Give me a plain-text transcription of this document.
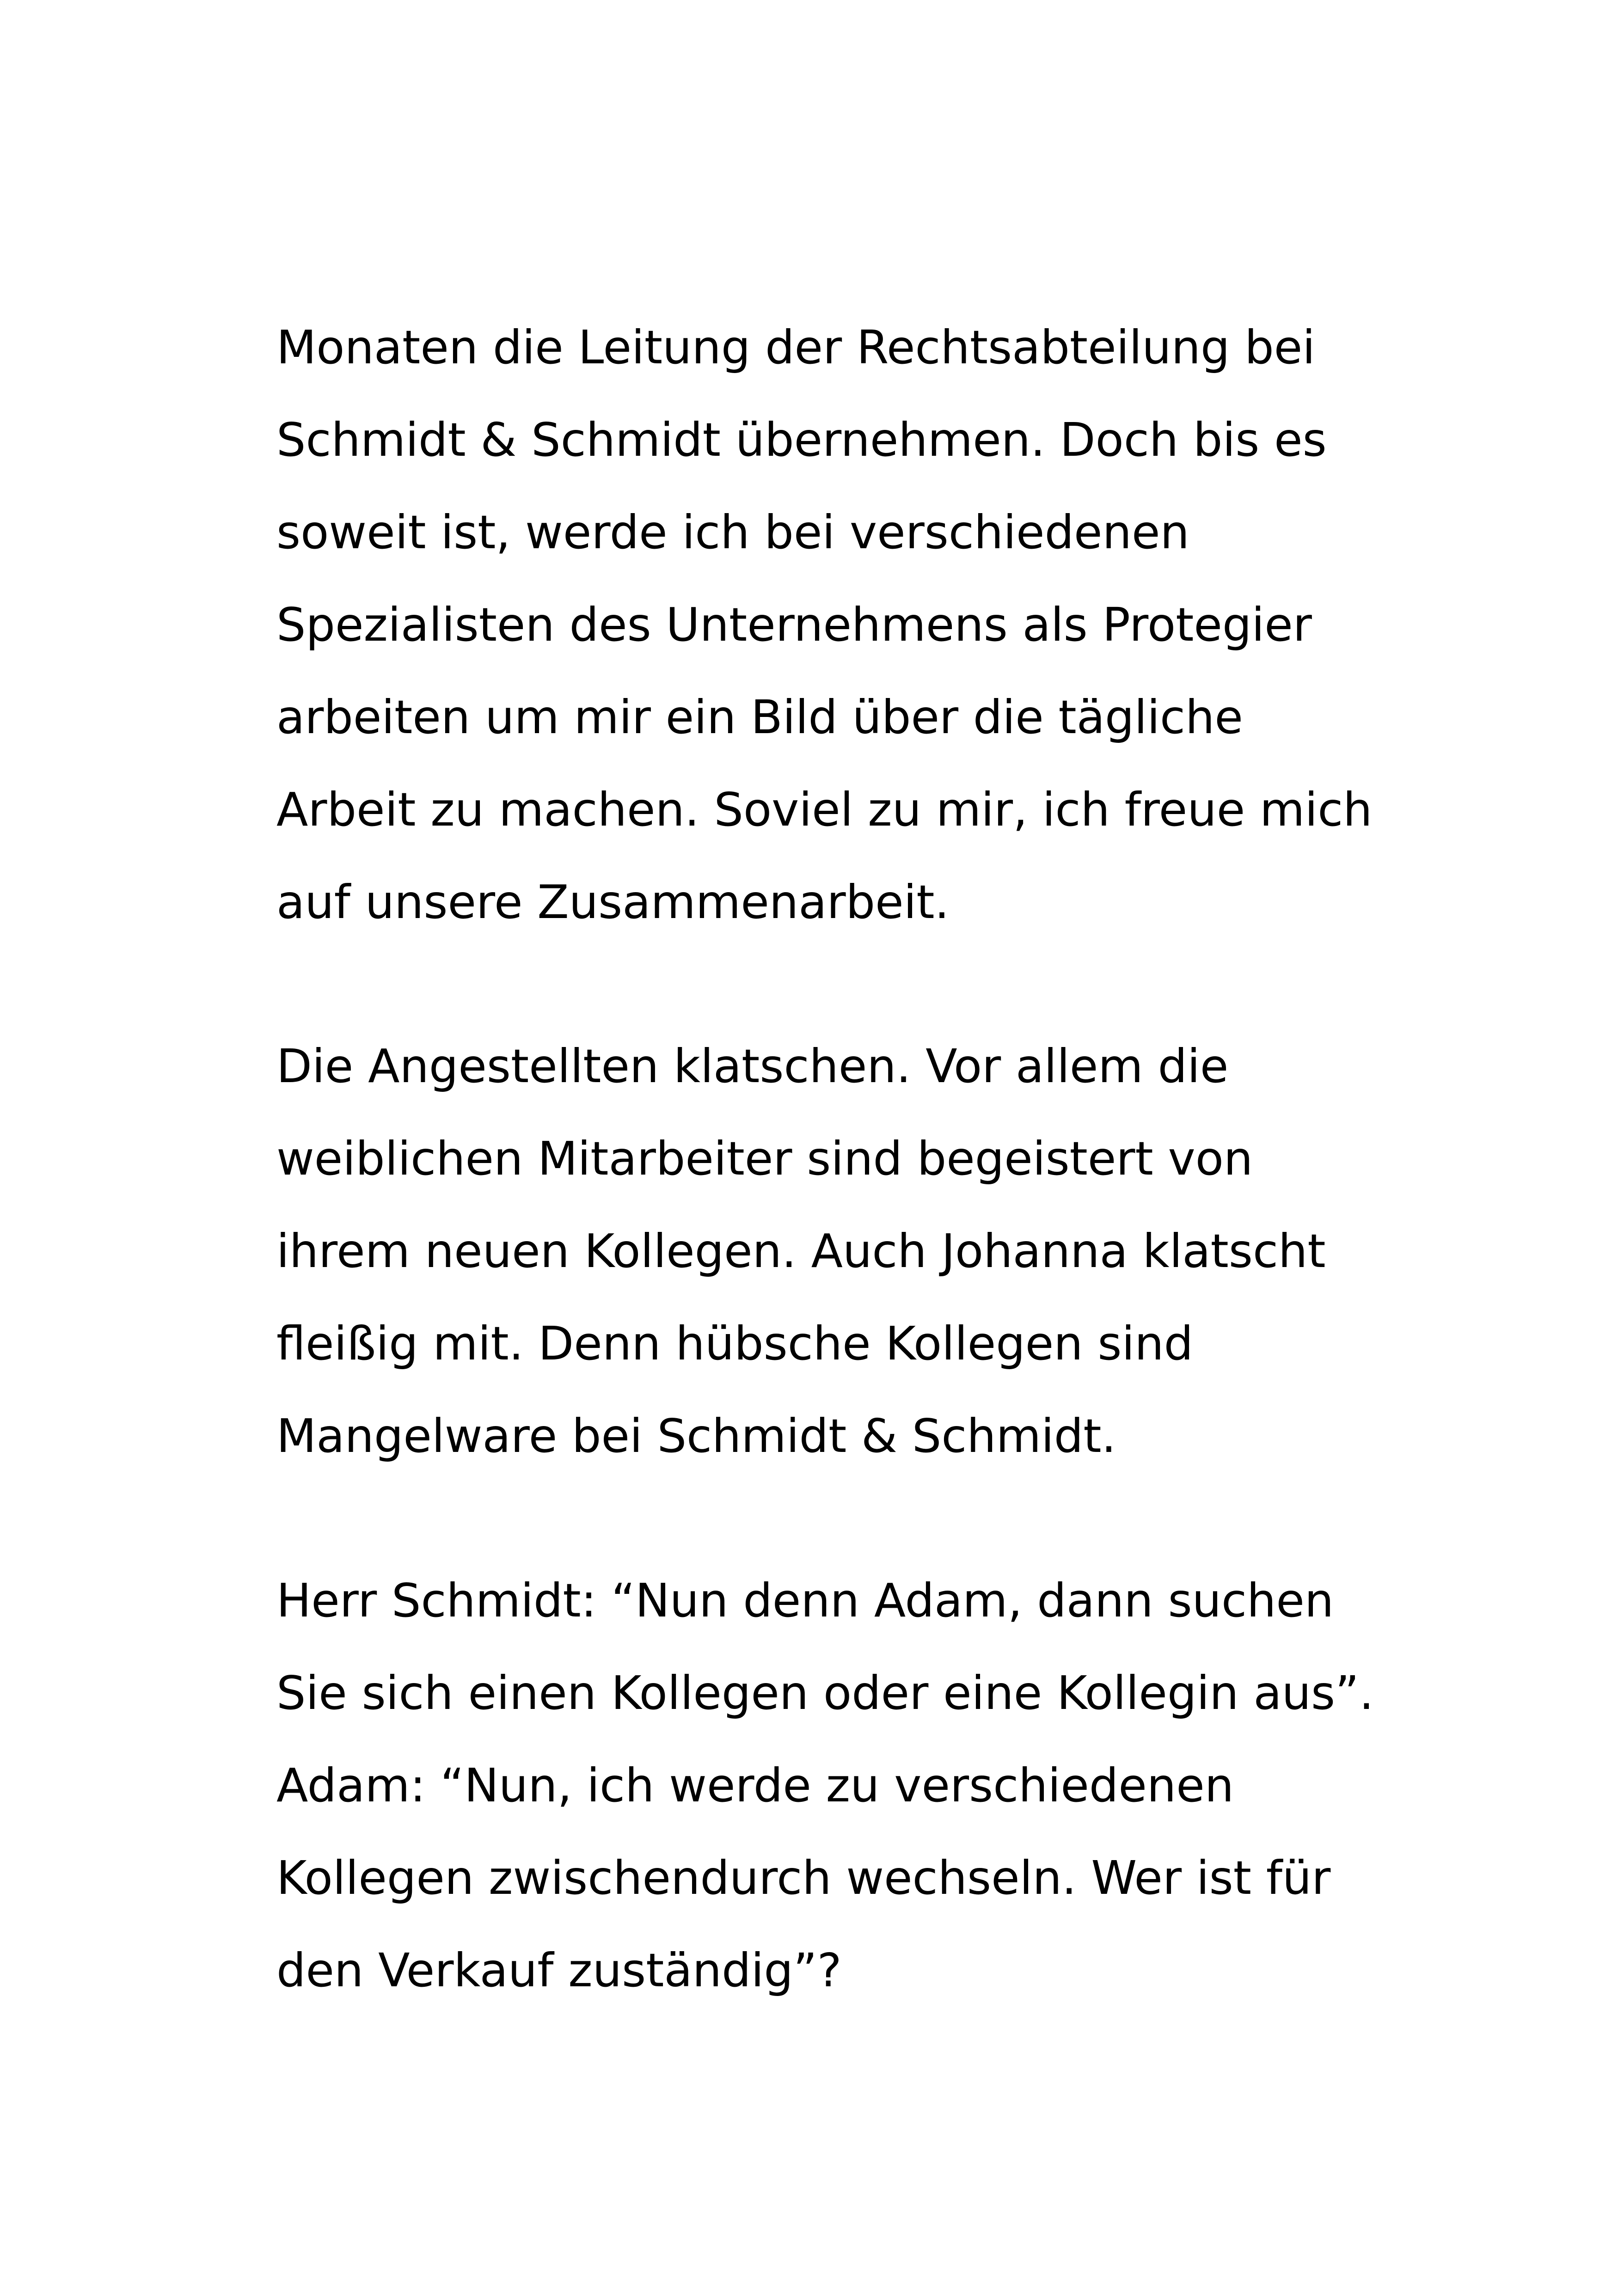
Monaten die Leitung der Rechtsabteilung bei
Schmidt & Schmidt übernehmen. Doch bis es
soweit ist, werde ich bei verschiedenen
Spezialisten des Unternehmens als Protegier
arbeiten um mir ein Bild über die tägliche
Arbeit zu machen. Soviel zu mir, ich freue mich
auf unsere Zusammenarbeit.

Die Angestellten klatschen. Vor allem die
weiblichen Mitarbeiter sind begeistert von
ihrem neuen Kollegen. Auch Johanna klatscht
fleißig mit. Denn hübsche Kollegen sind
Mangelware bei Schmidt & Schmidt.

Herr Schmidt: “Nun denn Adam, dann suchen
Sie sich einen Kollegen oder eine Kollegin aus”.
Adam: “Nun, ich werde zu verschiedenen
Kollegen zwischendurch wechseln. Wer ist für
den Verkauf zuständig”?
